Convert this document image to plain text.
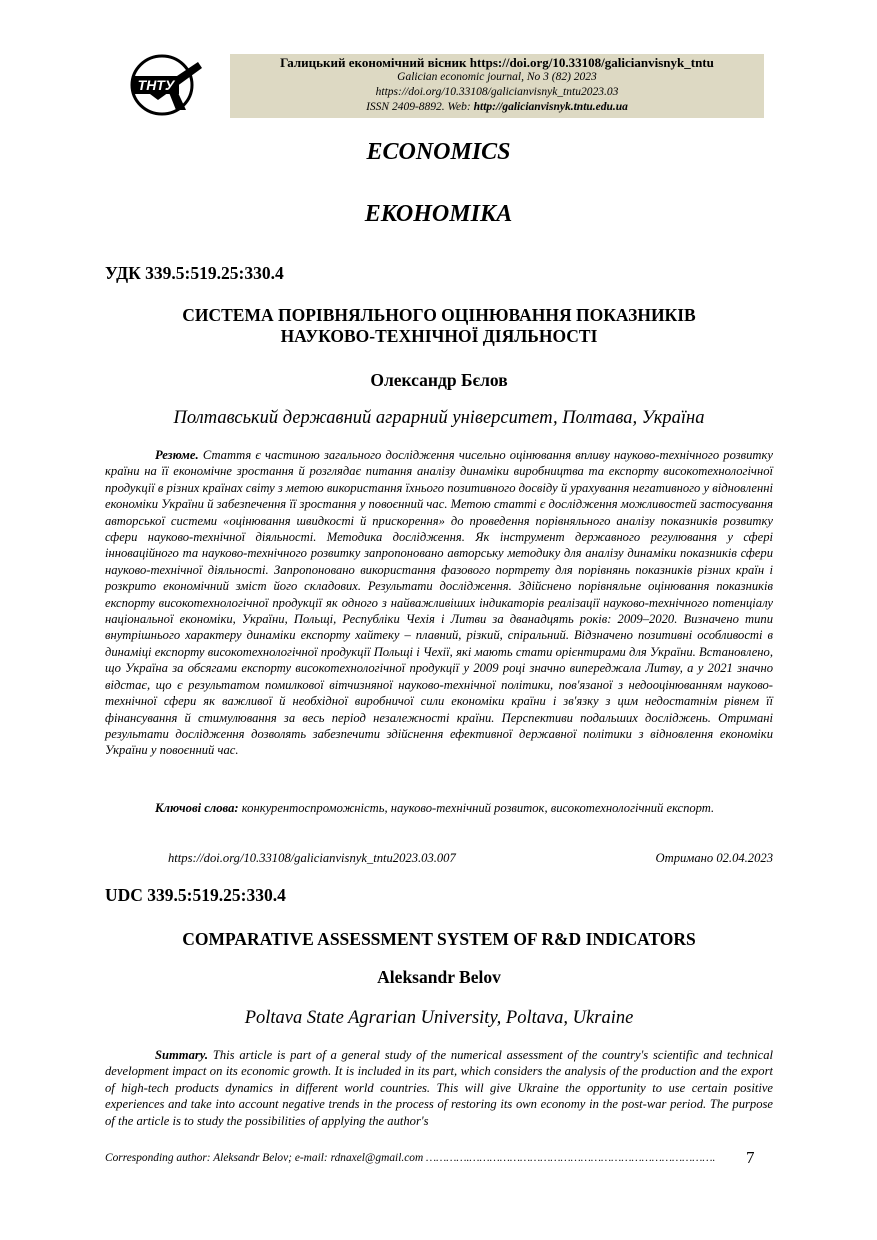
ТНТУ
Галицький економічний вісник https://doi.org/10.33108/galicianvisnyk_tntu
Galician economic journal, No 3 (82) 2023
https://doi.org/10.33108/galicianvisnyk_tntu2023.03
ISSN 2409-8892. Web: http://galicianvisnyk.tntu.edu.ua
ECONOMICS
ЕКОНОМІКА
УДК 339.5:519.25:330.4
СИСТЕМА ПОРІВНЯЛЬНОГО ОЦІНЮВАННЯ ПОКАЗНИКІВ
НАУКОВО-ТЕХНІЧНОЇ ДІЯЛЬНОСТІ
Олександр Бєлов
Полтавський державний аграрний університет, Полтава, Україна
Резюме. Стаття є частиною загального дослідження чисельно оцінювання впливу науково-технічного розвитку країни на її економічне зростання й розглядає питання аналізу динаміки виробництва та експорту високотехнологічної продукції в різних країнах світу з метою використання їхнього позитивного досвіду й урахування негативного у відновленні економіки України й забезпечення її зростання у повоєнний час. Метою статті є дослідження можливостей застосування авторської системи «оцінювання швидкості й прискорення» до проведення порівняльного аналізу показників розвитку сфери науково-технічної діяльності. Методика дослідження. Як інструмент державного регулювання у сфері інноваційного та науково-технічного розвитку запропоновано авторську методику для аналізу динаміки показників сфери науково-технічної діяльності. Запропоновано використання фазового портрету для порівнянь показників різних країн і розкрито економічний зміст його складових. Результати дослідження. Здійснено порівняльне оцінювання показників експорту високотехнологічної продукції як одного з найважливіших індикаторів реалізації науково-технічного потенціалу національної економіки, України, Польщі, Республіки Чехія і Литви за дванадцять років: 2009–2020. Визначено типи внутрішнього характеру динаміки експорту хайтеку – плавний, різкий, спіральний. Відзначено позитивні особливості в динаміці експорту високотехнологічної продукції Польщі і Чехії, які мають стати орієнтирами для України. Встановлено, що Україна за обсягами експорту високотехнологічної продукції у 2009 році значно випереджала Литву, а у 2021 значно відстає, що є результатом помилкової вітчизняної науково-технічної політики, пов'язаної з недооцінюванням науково-технічної сфери як важливої й необхідної виробничої сили економіки країни і зв'язку з цим недостатнім рівнем її фінансування й стимулювання за весь період незалежності країни. Перспективи подальших досліджень. Отримані результати дослідження дозволять забезпечити здійснення ефективної державної політики з відновлення економіки України у повоєнний час.
Ключові слова: конкурентоспроможність, науково-технічний розвиток, високотехнологічний експорт.
https://doi.org/10.33108/galicianvisnyk_tntu2023.03.007	Отримано 02.04.2023
UDC 339.5:519.25:330.4
COMPARATIVE ASSESSMENT SYSTEM OF R&D INDICATORS
Aleksandr Belov
Poltava State Agrarian University, Poltava, Ukraine
Summary. This article is part of a general study of the numerical assessment of the country's scientific and technical development impact on its economic growth. It is included in its part, which considers the analysis of the production and the export of high-tech products dynamics in different world countries. This will give Ukraine the opportunity to use certain positive experiences and take into account negative trends in the process of restoring its own economy in the post-war period. The purpose of the article is to study the possibilities of applying the author's
Corresponding author: Aleksandr Belov; e-mail: rdnaxel@gmail.com ………….……………………………………………………………….	7
